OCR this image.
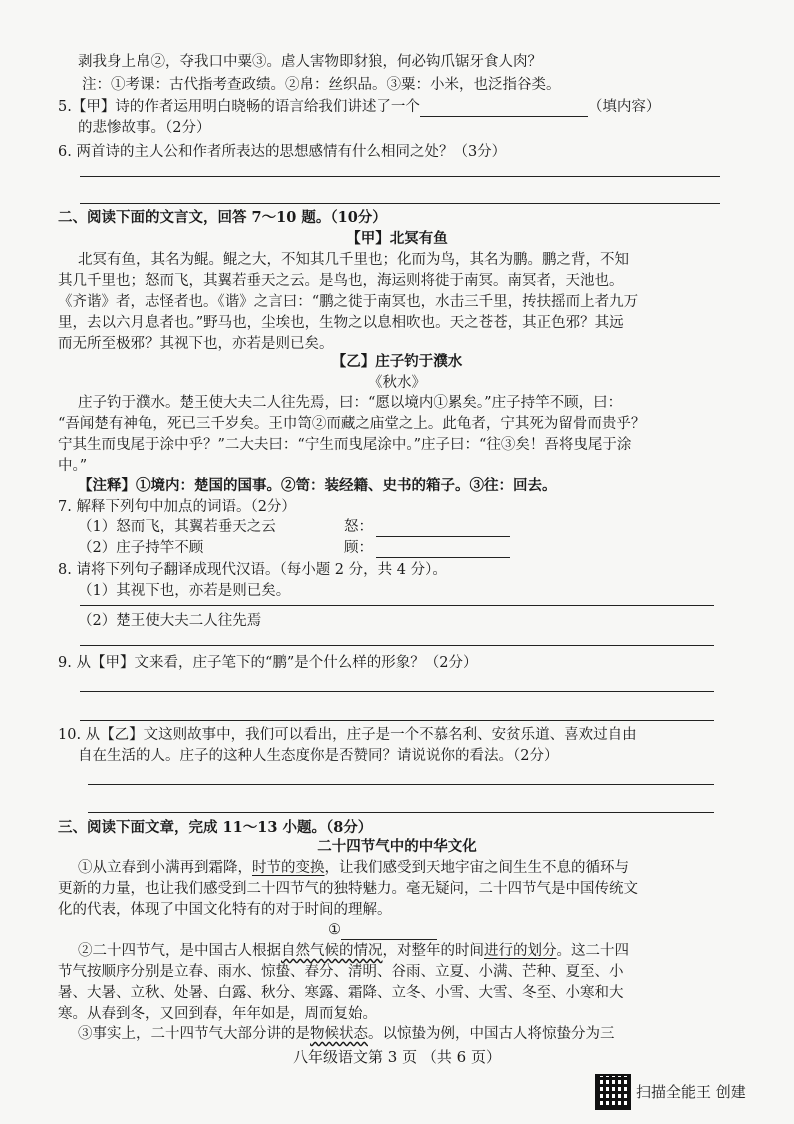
剥我身上帛②，夺我口中粟③。虐人害物即豺狼，何必钩爪锯牙食人肉？
注：①考课：古代指考查政绩。②帛：丝织品。③粟：小米，也泛指谷类。
5.【甲】诗的作者运用明白晓畅的语言给我们讲述了一个	（填内容）
的悲惨故事。（2分）
6. 两首诗的主人公和作者所表达的思想感情有什么相同之处？（3分）
二、阅读下面的文言文，回答 7～10 题。（10分）
【甲】北冥有鱼
北冥有鱼，其名为鲲。鲲之大，不知其几千里也；化而为鸟，其名为鹏。鹏之背，不知
其几千里也；怒而飞，其翼若垂天之云。是鸟也，海运则将徙于南冥。南冥者，天池也。
《齐谐》者，志怪者也。《谐》之言曰：“鹏之徙于南冥也，水击三千里，抟扶摇而上者九万
里，去以六月息者也。”野马也，尘埃也，生物之以息相吹也。天之苍苍，其正色邪？其远
而无所至极邪？其视下也，亦若是则已矣。
【乙】庄子钓于濮水
《秋水》
庄子钓于濮水。楚王使大夫二人往先焉，曰：“愿以境内①累矣。”庄子持竿不顾，曰：
“吾闻楚有神龟，死已三千岁矣。王巾笥②而藏之庙堂之上。此龟者，宁其死为留骨而贵乎？
宁其生而曳尾于涂中乎？”二大夫曰：“宁生而曳尾涂中。”庄子曰：“往③矣！吾将曳尾于涂
中。”
【注释】①境内：楚国的国事。②笥：装经籍、史书的箱子。③往：回去。
7. 解释下列句中加点的词语。（2分）
（1）怒而飞，其翼若垂天之云	怒：
（2）庄子持竿不顾	顾：
8. 请将下列句子翻译成现代汉语。（每小题 2 分，共 4 分）。
（1）其视下也，亦若是则已矣。
（2）楚王使大夫二人往先焉
9. 从【甲】文来看，庄子笔下的“鹏”是个什么样的形象？（2分）
10. 从【乙】文这则故事中，我们可以看出，庄子是一个不慕名利、安贫乐道、喜欢过自由
自在生活的人。庄子的这种人生态度你是否赞同？请说说你的看法。（2分）
三、阅读下面文章，完成 11～13 小题。（8分）
二十四节气中的中华文化
①从立春到小满再到霜降，时节的变换，让我们感受到天地宇宙之间生生不息的循环与
更新的力量，也让我们感受到二十四节气的独特魅力。毫无疑问，二十四节气是中国传统文
化的代表，体现了中国文化特有的对于时间的理解。
①
②二十四节气，是中国古人根据自然气候的情况，对整年的时间进行的划分。这二十四
节气按顺序分别是立春、雨水、惊蛰、春分、清明、谷雨、立夏、小满、芒种、夏至、小
暑、大暑、立秋、处暑、白露、秋分、寒露、霜降、立冬、小雪、大雪、冬至、小寒和大
寒。从春到冬，又回到春，年年如是，周而复始。
③事实上，二十四节气大部分讲的是物候状态。以惊蛰为例，中国古人将惊蛰分为三
八年级语文第 3 页 （共 6 页）
扫描全能王 创建
